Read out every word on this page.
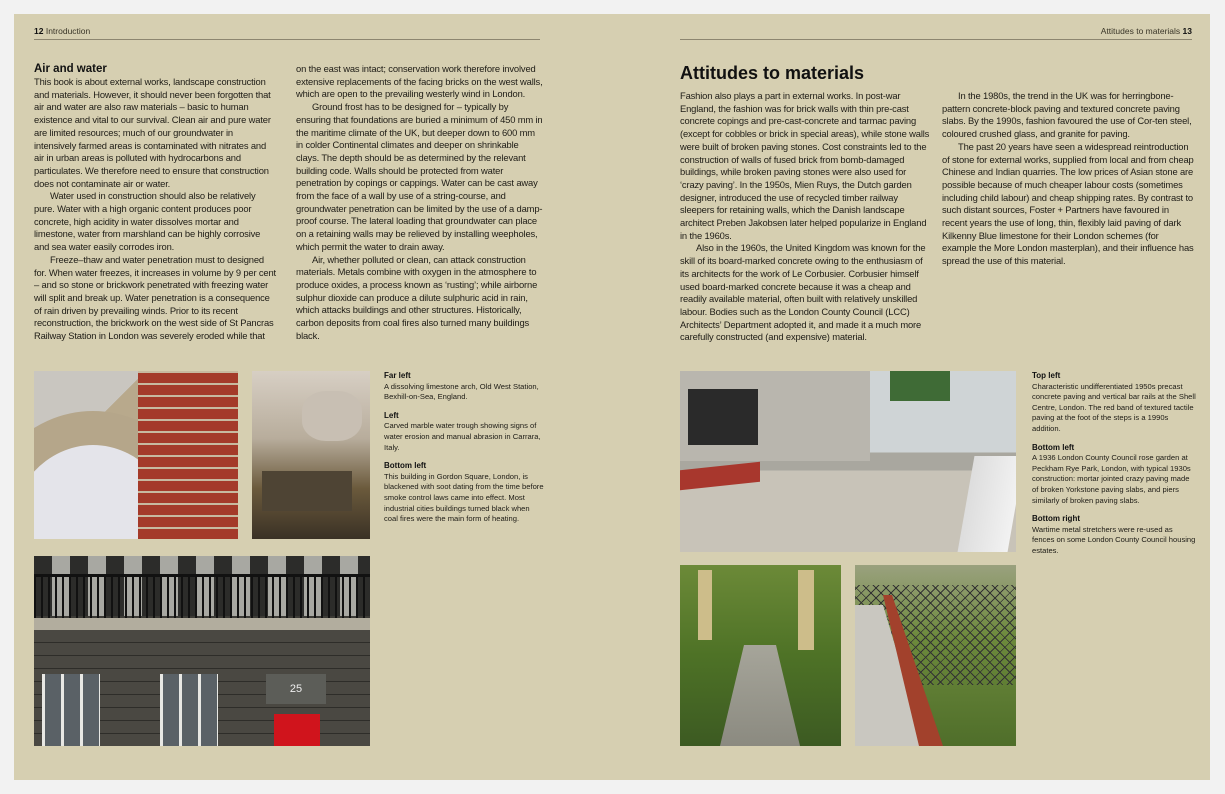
12 Introduction
Air and water

This book is about external works, landscape construction and materials. However, it should never been forgotten that air and water are also raw materials – basic to human existence and vital to our survival. Clean air and pure water are limited resources; much of our groundwater in intensively farmed areas is contaminated with nitrates and air in urban areas is polluted with hydrocarbons and particulates. We therefore need to ensure that construction does not contaminate air or water.

Water used in construction should also be relatively pure. Water with a high organic content produces poor concrete, high acidity in water dissolves mortar and limestone, water from marshland can be highly corrosive and sea water easily corrodes iron.

Freeze–thaw and water penetration must to designed for. When water freezes, it increases in volume by 9 per cent – and so stone or brickwork penetrated with freezing water will split and break up. Water penetration is a consequence of rain driven by prevailing winds. Prior to its recent reconstruction, the brickwork on the west side of St Pancras Railway Station in London was severely eroded while that

on the east was intact; conservation work therefore involved extensive replacements of the facing bricks on the west walls, which are open to the prevailing westerly wind in London.

Ground frost has to be designed for – typically by ensuring that foundations are buried a minimum of 450 mm in the maritime climate of the UK, but deeper down to 600 mm in colder Continental climates and deeper on shrinkable clays. The depth should be as determined by the relevant building code. Walls should be protected from water penetration by copings or cappings. Water can be cast away from the face of a wall by use of a string-course, and groundwater penetration can be limited by the use of a damp-proof course. The lateral loading that groundwater can place on a retaining walls may be relieved by installing weepholes, which permit the water to drain away.

Air, whether polluted or clean, can attack construction materials. Metals combine with oxygen in the atmosphere to produce oxides, a process known as ‘rusting’; while airborne sulphur dioxide can produce a dilute sulphuric acid in rain, which attacks buildings and other structures. Historically, carbon deposits from coal fires also turned many buildings black.

25
Far left

A dissolving limestone arch, Old West Station, Bexhill-on-Sea, England.

Left

Carved marble water trough showing signs of water erosion and manual abrasion in Carrara, Italy.

Bottom left

This building in Gordon Square, London, is blackened with soot dating from the time before smoke control laws came into effect. Most industrial cities buildings turned black when coal fires were the main form of heating.

Attitudes to materials 13
Attitudes to materials

Fashion also plays a part in external works. In post-war England, the fashion was for brick walls with thin pre-cast concrete copings and pre-cast-concrete and tarmac paving (except for cobbles or brick in special areas), while stone walls were built of broken paving stones. Cost constraints led to the construction of walls of fused brick from bomb-damaged buildings, while broken paving stones were also used for ‘crazy paving’. In the 1950s, Mien Ruys, the Dutch garden designer, introduced the use of recycled timber railway sleepers for retaining walls, which the Danish landscape architect Preben Jakobsen later helped popularize in England in the 1960s.

Also in the 1960s, the United Kingdom was known for the skill of its board-marked concrete owing to the enthusiasm of its architects for the work of Le Corbusier. Corbusier himself used board-marked concrete because it was a cheap and readily available material, often built with relatively unskilled labour. Bodies such as the London County Council (LCC) Architects’ Department adopted it, and made it a much more carefully constructed (and expensive) material.

In the 1980s, the trend in the UK was for herringbone-pattern concrete-block paving and textured concrete paving slabs. By the 1990s, fashion favoured the use of Cor-ten steel, coloured crushed glass, and granite for paving.

The past 20 years have seen a widespread reintroduction of stone for external works, supplied from local and from cheap Chinese and Indian quarries. The low prices of Asian stone are possible because of much cheaper labour costs (sometimes including child labour) and cheap shipping rates. By contrast to such distant sources, Foster + Partners have favoured in recent years the use of long, thin, flexibly laid paving of dark Kilkenny Blue limestone for their London schemes (for example the More London masterplan), and their influence has spread the use of this material.

Top left

Characteristic undifferentiated 1950s precast concrete paving and vertical bar rails at the Shell Centre, London. The red band of textured tactile paving at the foot of the steps is a 1990s addition.

Bottom left

A 1936 London County Council rose garden at Peckham Rye Park, London, with typical 1930s construction: mortar jointed crazy paving made of broken Yorkstone paving slabs, and piers similarly of broken paving slabs.

Bottom right

Wartime metal stretchers were re-used as fences on some London County Council housing estates.
